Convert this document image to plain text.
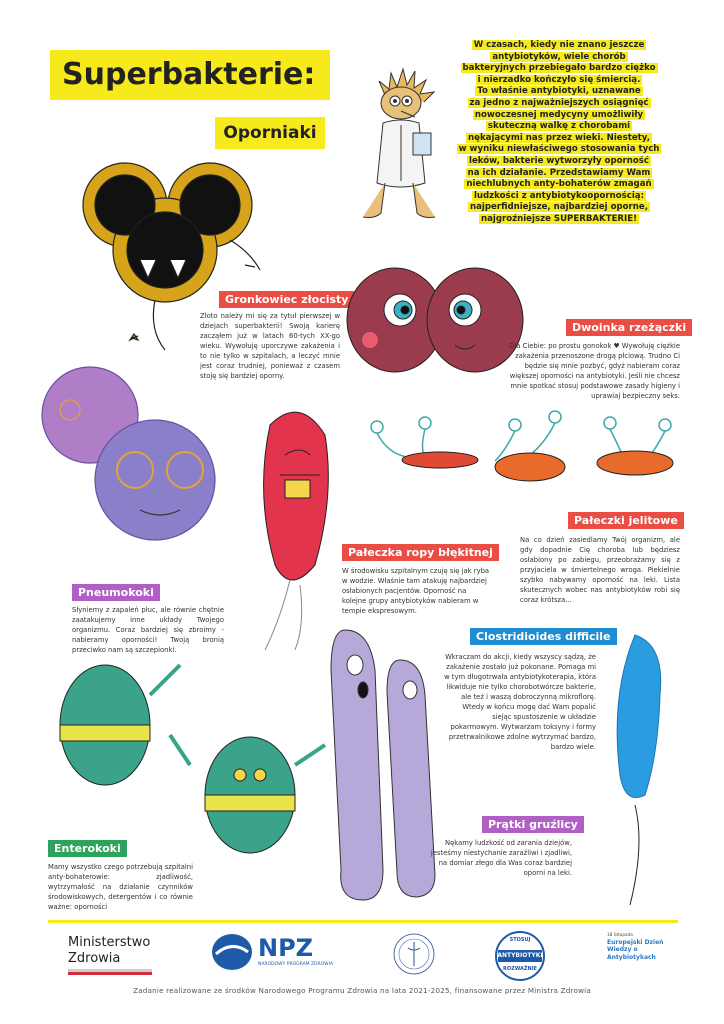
Superbakterie:
Oporniaki
W czasach, kiedy nie znano jeszcze
antybiotyków, wiele chorób
bakteryjnych przebiegało bardzo ciężko
i nierzadko kończyło się śmiercią.
To właśnie antybiotyki, uznawane
za jedno z najważniejszych osiągnięć
nowoczesnej medycyny umożliwiły
skuteczną walkę z chorobami
nękającymi nas przez wieki. Niestety,
w wyniku niewłaściwego stosowania tych
leków, bakterie wytworzyły oporność
na ich działanie. Przedstawiamy Wam
niechlubnych anty-bohaterów zmagań
ludzkości z antybiotykoopornością:
najperfidniejsze, najbardziej oporne,
najgroźniejsze SUPERBAKTERIE!

Gronkowiec złocisty
Złoto należy mi się za tytuł pierwszej w dziejach superbakterii! Swoją karierę zacząłem już w latach 60-tych XX-go wieku. Wywołuję uporczywe zakażenia i to nie tylko w szpitalach, a leczyć mnie jest coraz trudniej, ponieważ z czasem stoję się bardziej oporny.
Dwoinka rzeżączki
Dla Ciebie: po prostu gonokok ♥ Wywołuję ciężkie zakażenia przenoszone drogą płciową. Trudno Ci będzie się mnie pozbyć, gdyż nabieram coraz większej oporności na antybiotyki. Jeśli nie chcesz mnie spotkać stosuj podstawowe zasady higieny i uprawiaj bezpieczny seks.
Pałeczka ropy błękitnej
W środowisku szpitalnym czuję się jak ryba w wodzie. Właśnie tam atakuję najbardziej osłabionych pacjentów. Oporność na kolejne grupy antybiotyków nabieram w tempie ekspresowym.
Pałeczki jelitowe
Na co dzień zasiedlamy Twój organizm, ale gdy dopadnie Cię choroba lub będziesz osłabiony po zabiegu, przeobrażamy się z przyjaciela w śmiertelnego wroga. Piekielnie szybko nabywamy oporność na leki. Lista skutecznych wobec nas antybiotyków robi się coraz krótsza...
Pneumokoki
Słyniemy z zapaleń płuc, ale równie chętnie zaatakujemy inne układy Twojego organizmu. Coraz bardziej się zbroimy - nabieramy oporności! Twoją bronią przeciwko nam są szczepionki.
Clostridioides difficile
Wkraczam do akcji, kiedy wszyscy sądzą, że zakażenie zostało już pokonane. Pomaga mi w tym długotrwała antybiotykoterapia, która likwiduje nie tylko chorobotwórcze bakterie, ale też i waszą dobroczynną mikroflorę. Wtedy w końcu mogę dać Wam popalić siejąc spustoszenie w układzie pokarmowym. Wytwarzam toksyny i formy przetrwalnikowe zdolne wytrzymać bardzo, bardzo wiele.
Enterokoki
Mamy wszystko czego potrzebują szpitalni anty-bohaterowie: zjadliwość, wytrzymałość na działanie czynników środowiskowych, detergentów i co równie ważne: oporności
Prątki gruźlicy
Nękamy ludzkość od zarania dziejów, jesteśmy niestychanie zaraźliwi i zjadliwi, na domiar złego dla Was coraz bardziej oporni na leki.
Ministerstwo
Zdrowia	NPZ
NARODOWY PROGRAM ZDROWIA
STOSUJ
ANTYBIOTYKI
ROZWAŻNIE
18 listopada
Europejski Dzień Wiedzy o Antybiotykach
Zadanie realizowane ze środków Narodowego Programu Zdrowia na lata 2021-2025, finansowane przez Ministra Zdrowia
